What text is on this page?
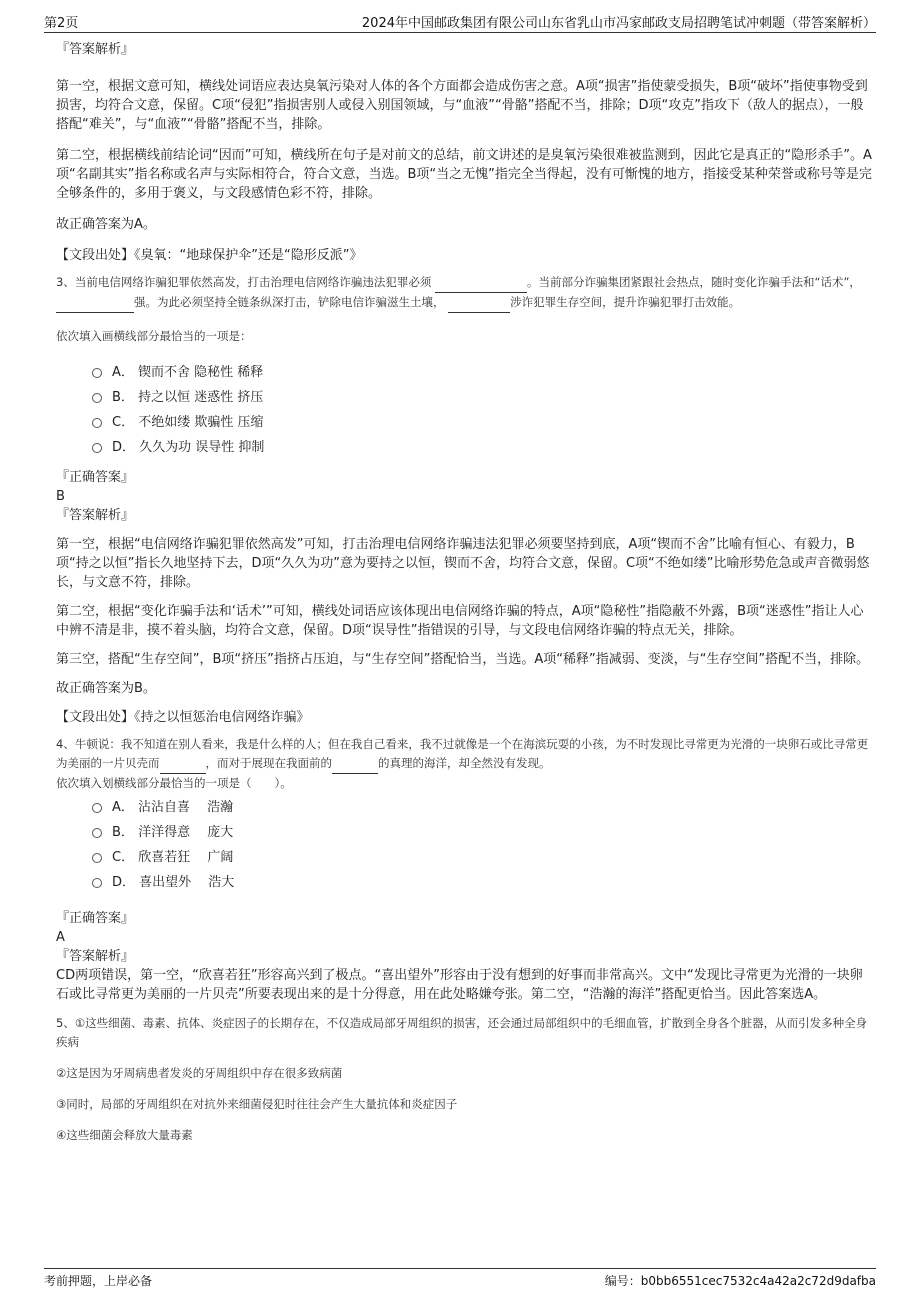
第2页	2024年中国邮政集团有限公司山东省乳山市冯家邮政支局招聘笔试冲刺题（带答案解析）

『答案解析』

第一空，根据文意可知，横线处词语应表达臭氧污染对人体的各个方面都会造成伤害之意。A项“损害”指使蒙受损失，B项“破坏”指使事物受到损害，均符合文意，保留。C项“侵犯”指损害别人或侵入别国领域，与“血液”“骨骼”搭配不当，排除；D项“攻克”指攻下（敌人的据点），一般搭配“难关”，与“血液”“骨骼”搭配不当，排除。

第二空，根据横线前结论词“因而”可知，横线所在句子是对前文的总结，前文讲述的是臭氧污染很难被监测到，因此它是真正的“隐形杀手”。A项“名副其实”指名称或名声与实际相符合，符合文意，当选。B项“当之无愧”指完全当得起，没有可惭愧的地方，指接受某种荣誉或称号等是完全够条件的，多用于褒义，与文段感情色彩不符，排除。

故正确答案为A。

【文段出处】《臭氧：“地球保护伞”还是“隐形反派”》

3、当前电信网络诈骗犯罪依然高发，打击治理电信网络诈骗违法犯罪必须	。当前部分诈骗集团紧跟社会热点，随时变化诈骗手法和“话术”，  强。为此必须坚持全链条纵深打击，铲除电信诈骗滋生土壤，	涉诈犯罪生存空间，提升诈骗犯罪打击效能。

依次填入画横线部分最恰当的一项是：

A． 锲而不舍 隐秘性 稀释
B． 持之以恒 迷惑性 挤压
C． 不绝如缕 欺骗性 压缩
D． 久久为功 误导性 抑制

『正确答案』

B

『答案解析』

第一空，根据“电信网络诈骗犯罪依然高发”可知，打击治理电信网络诈骗违法犯罪必须要坚持到底，A项“锲而不舍”比喻有恒心、有毅力，B项“持之以恒”指长久地坚持下去，D项“久久为功”意为要持之以恒，锲而不舍，均符合文意，保留。C项“不绝如缕”比喻形势危急或声音微弱悠长，与文意不符，排除。

第二空，根据“变化诈骗手法和‘话术’”可知，横线处词语应该体现出电信网络诈骗的特点，A项“隐秘性”指隐蔽不外露，B项“迷惑性”指让人心中辨不清是非，摸不着头脑，均符合文意，保留。D项“误导性”指错误的引导，与文段电信网络诈骗的特点无关，排除。

第三空，搭配“生存空间”，B项“挤压”指挤占压迫，与“生存空间”搭配恰当，当选。A项“稀释”指减弱、变淡，与“生存空间”搭配不当，排除。

故正确答案为B。

【文段出处】《持之以恒惩治电信网络诈骗》

4、牛顿说：我不知道在别人看来，我是什么样的人；但在我自己看来，我不过就像是一个在海滨玩耍的小孩，为不时发现比寻常更为光滑的一块卵石或比寻常更为美丽的一片贝壳而	，而对于展现在我面前的	的真理的海洋，却全然没有发现。

依次填入划横线部分最恰当的一项是（　　）。

A． 沾沾自喜　 浩瀚
B． 洋洋得意　 庞大
C． 欣喜若狂　 广阔
D． 喜出望外　 浩大

『正确答案』

A

『答案解析』

CD两项错误，第一空，“欣喜若狂”形容高兴到了极点。“喜出望外”形容由于没有想到的好事而非常高兴。文中“发现比寻常更为光滑的一块卵石或比寻常更为美丽的一片贝壳”所要表现出来的是十分得意，用在此处略嫌夸张。第二空，“浩瀚的海洋”搭配更恰当。因此答案选A。

5、①这些细菌、毒素、抗体、炎症因子的长期存在，不仅造成局部牙周组织的损害，还会通过局部组织中的毛细血管，扩散到全身各个脏器，从而引发多种全身疾病

②这是因为牙周病患者发炎的牙周组织中存在很多致病菌

③同时，局部的牙周组织在对抗外来细菌侵犯时往往会产生大量抗体和炎症因子

④这些细菌会释放大量毒素

考前押题，上岸必备	编号：b0bb6551cec7532c4a42a2c72d9dafba
